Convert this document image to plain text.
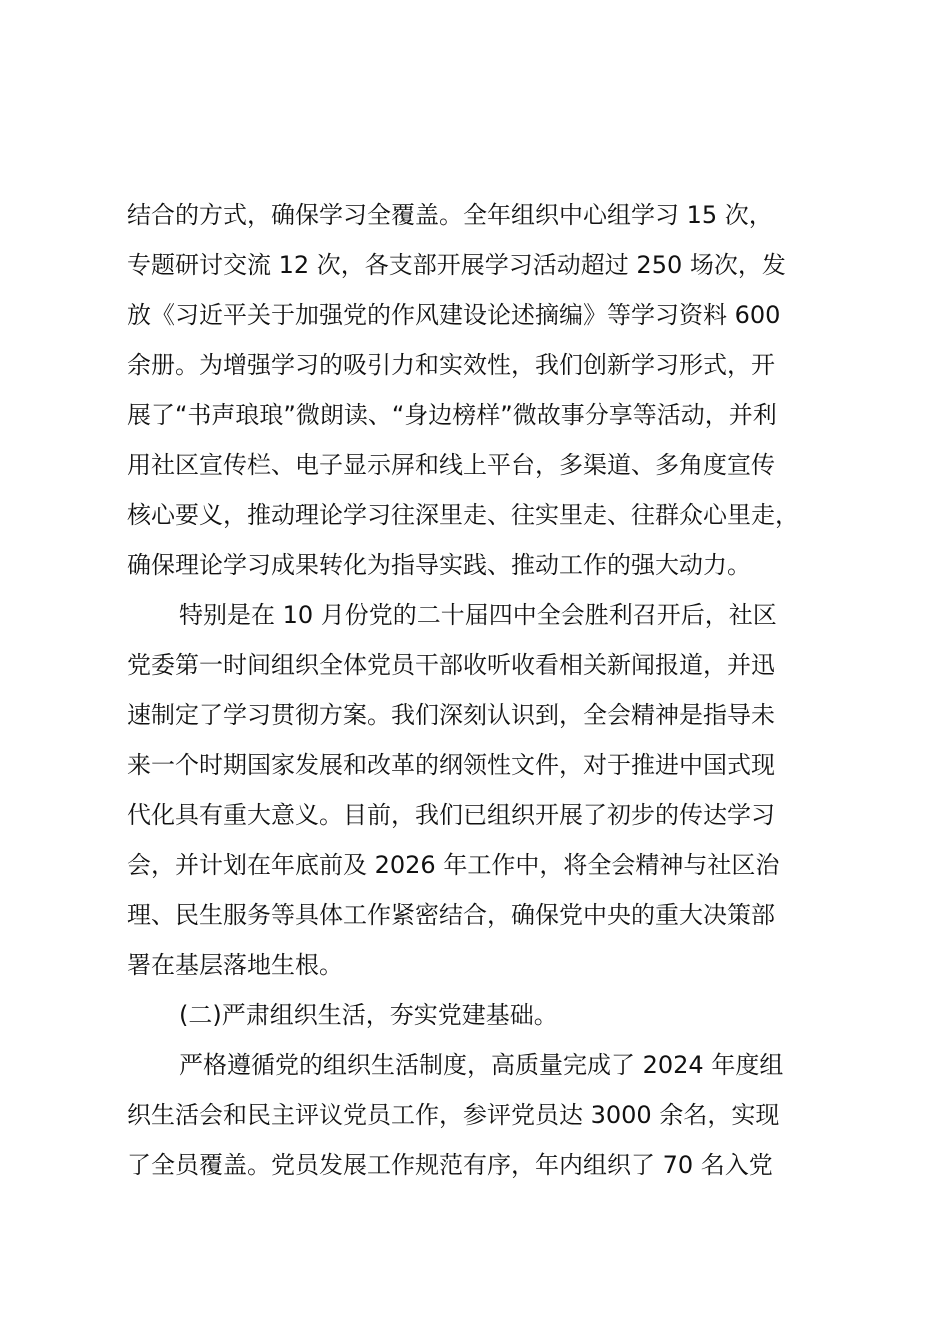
结合的方式，确保学习全覆盖。全年组织中心组学习 15 次，
专题研讨交流 12 次，各支部开展学习活动超过 250 场次，发
放《习近平关于加强党的作风建设论述摘编》等学习资料 600
余册。为增强学习的吸引力和实效性，我们创新学习形式，开
展了“书声琅琅”微朗读、“身边榜样”微故事分享等活动，并利
用社区宣传栏、电子显示屏和线上平台，多渠道、多角度宣传
核心要义，推动理论学习往深里走、往实里走、往群众心里走，
确保理论学习成果转化为指导实践、推动工作的强大动力。
特别是在 10 月份党的二十届四中全会胜利召开后，社区
党委第一时间组织全体党员干部收听收看相关新闻报道，并迅
速制定了学习贯彻方案。我们深刻认识到，全会精神是指导未
来一个时期国家发展和改革的纲领性文件，对于推进中国式现
代化具有重大意义。目前，我们已组织开展了初步的传达学习
会，并计划在年底前及 2026 年工作中，将全会精神与社区治
理、民生服务等具体工作紧密结合，确保党中央的重大决策部
署在基层落地生根。
(二)严肃组织生活，夯实党建基础。
严格遵循党的组织生活制度，高质量完成了 2024 年度组
织生活会和民主评议党员工作，参评党员达 3000 余名，实现
了全员覆盖。党员发展工作规范有序，年内组织了 70 名入党
